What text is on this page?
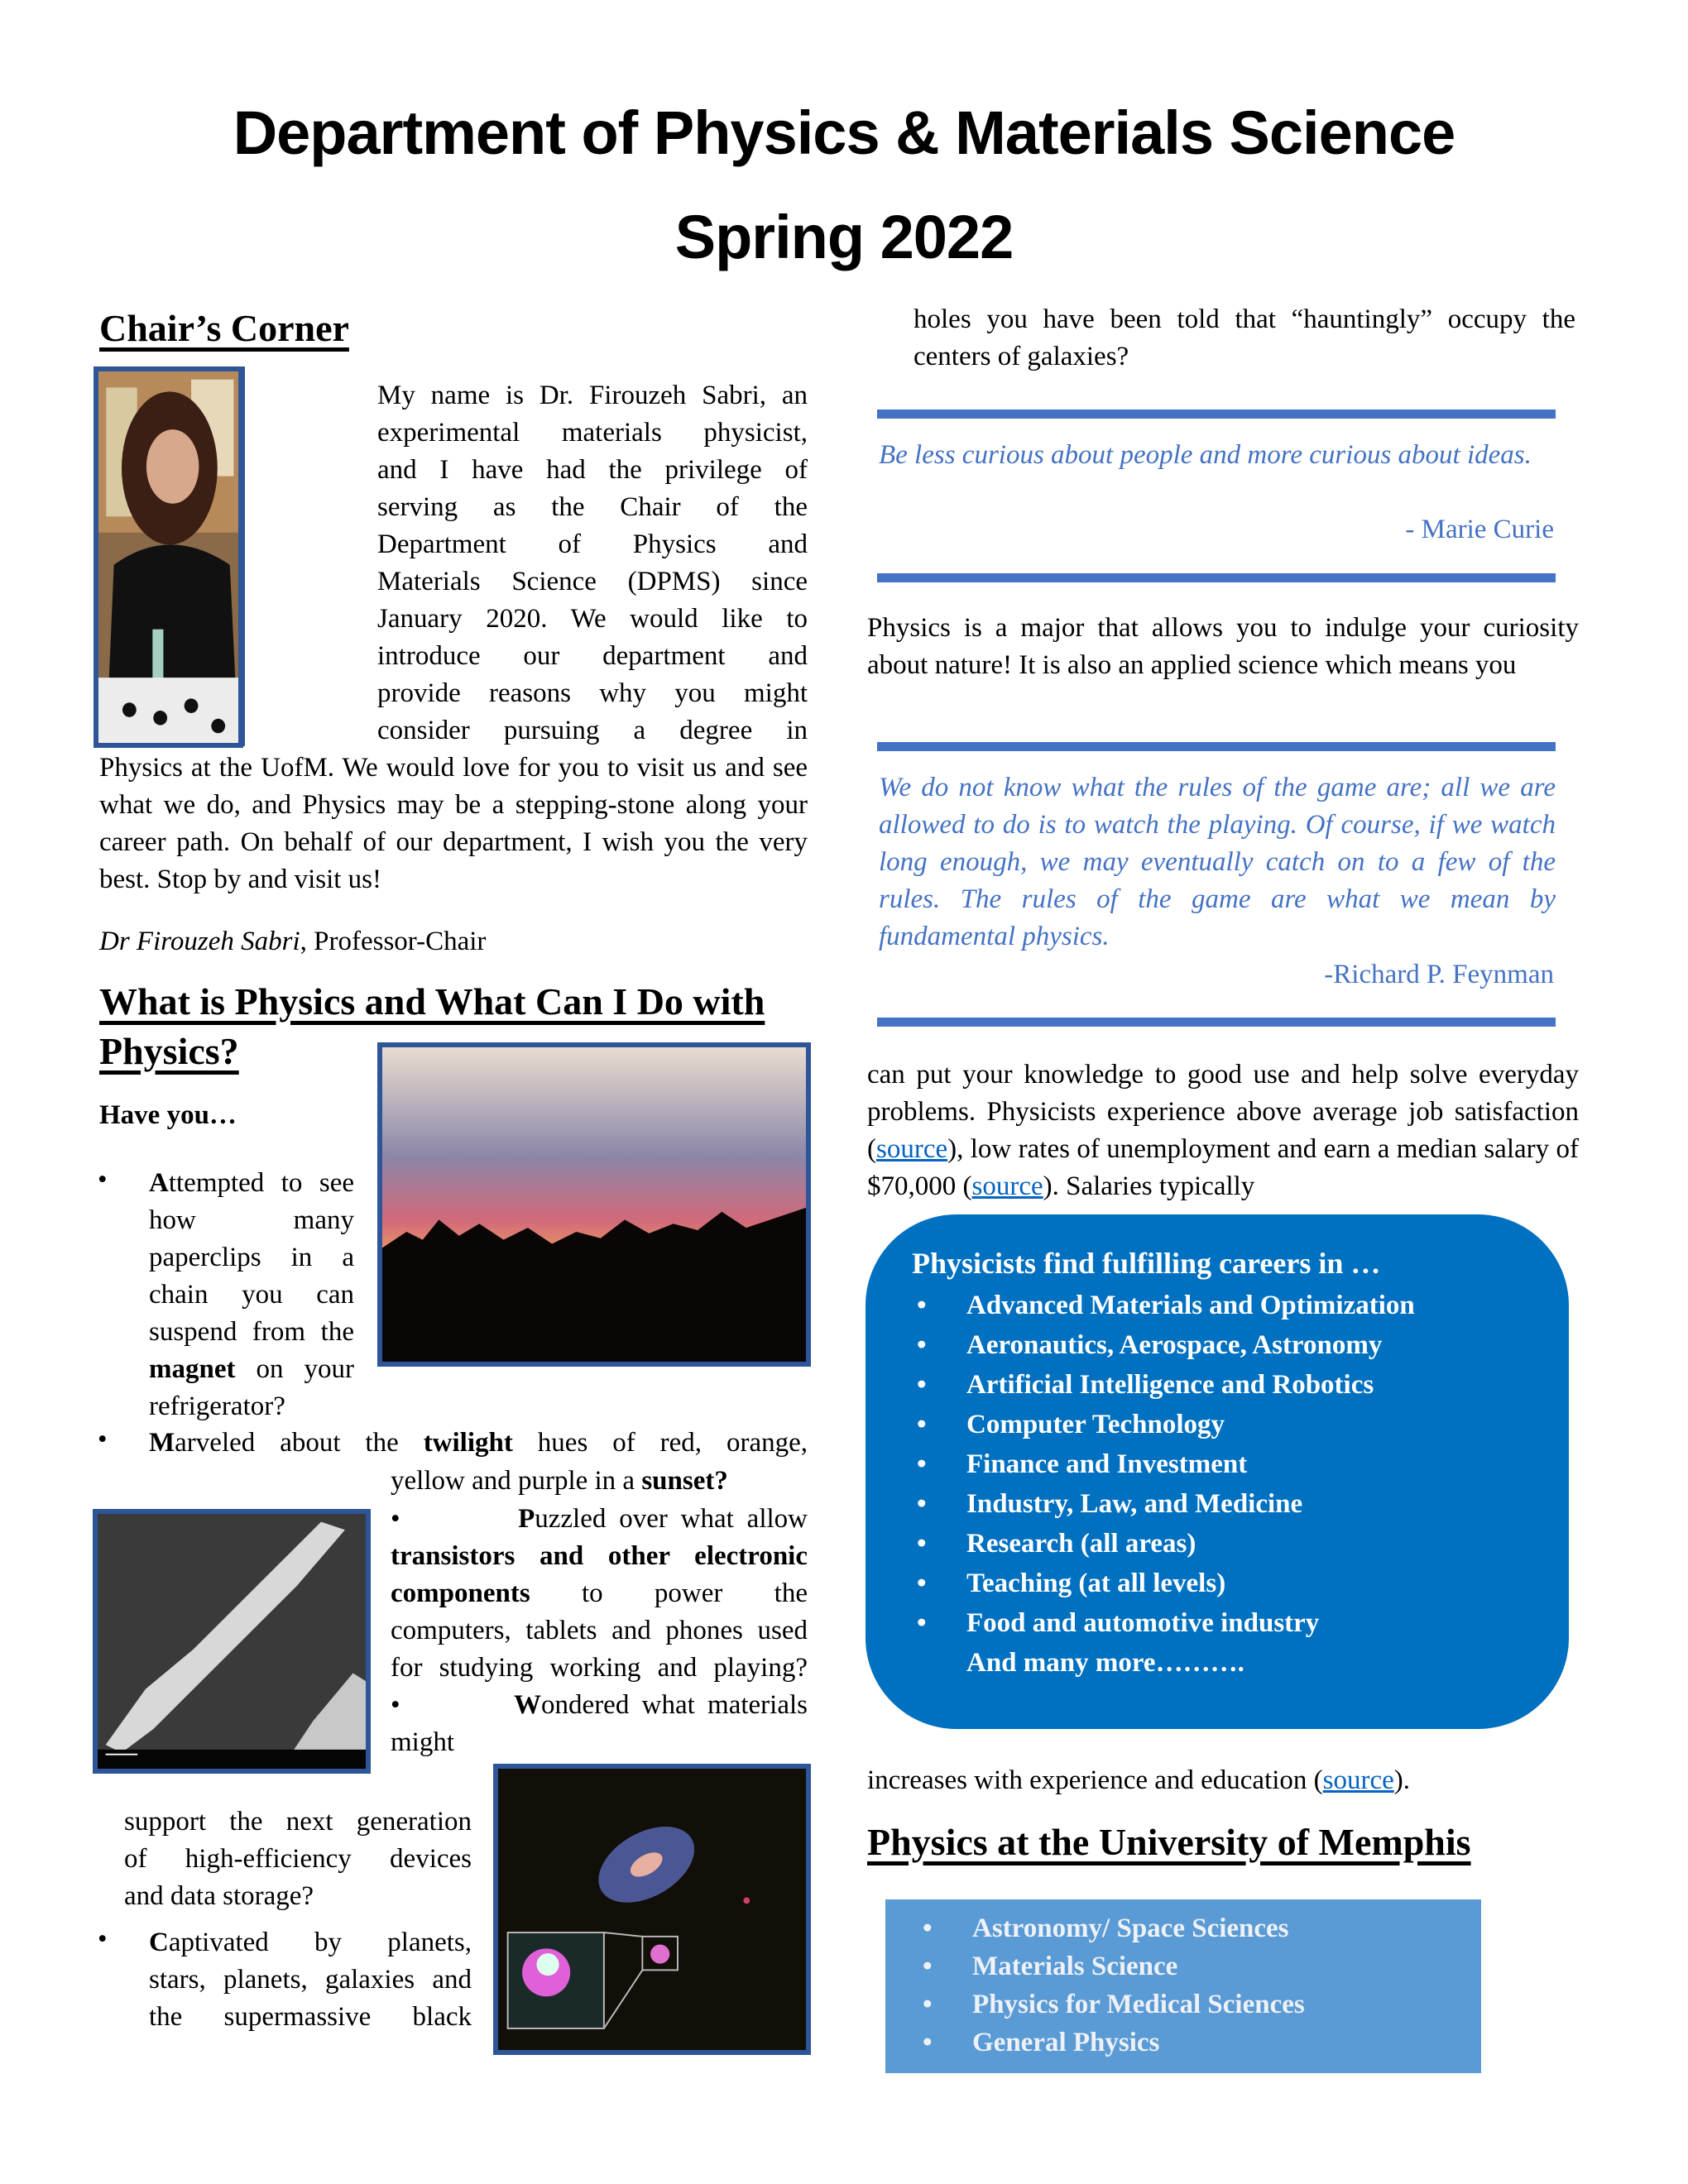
Department of Physics & Materials Science
Spring 2022
Chair’s Corner
My name is Dr. Firouzeh Sabri, an
experimental materials physicist,
and I have had the privilege of
serving as the Chair of the
Department of Physics and
Materials Science (DPMS) since
January 2020. We would like to
introduce our department and
provide reasons why you might
consider pursuing a degree in
Physics at the UofM. We would love for you to visit us and see what we do, and Physics may be a stepping-stone along your career path. On behalf of our department, I wish you the very best. Stop by and visit us!
Dr Firouzeh Sabri, Professor-Chair
What is Physics and What Can I Do with
Physics?
Have you…
• Attempted to see
how many
paperclips in a
chain you can
suspend from the
magnet on your
refrigerator?
• Marveled about the twilight hues of red, orange,
yellow and purple in a sunset?
•         Puzzled over what allow
transistors and other electronic
components to power the
computers, tablets and phones used
for studying working and playing?
•         Wondered what materials
might
support the next generation
of high-efficiency devices
and data storage?
• Captivated by planets,
stars, planets, galaxies and
the supermassive black
holes you have been told that “hauntingly” occupy the
centers of galaxies?
Be less curious about people and more curious about ideas.
- Marie Curie
Physics is a major that allows you to indulge your curiosity about nature! It is also an applied science which means you
We do not know what the rules of the game are; all we are allowed to do is to watch the playing. Of course, if we watch long enough, we may eventually catch on to a few of the rules. The rules of the game are what we mean by fundamental physics.
-Richard P. Feynman
can put your knowledge to good use and help solve everyday problems. Physicists experience above average job satisfaction (source), low rates of unemployment and earn a median salary of $70,000 (source). Salaries typically
Physicists find fulfilling careers in …
• Advanced Materials and Optimization
• Aeronautics, Aerospace, Astronomy
• Artificial Intelligence and Robotics
• Computer Technology
• Finance and Investment
• Industry, Law, and Medicine
• Research (all areas)
• Teaching (at all levels)
• Food and automotive industry
And many more……….
increases with experience and education (source).
Physics at the University of Memphis
• Astronomy/ Space Sciences
• Materials Science
• Physics for Medical Sciences
• General Physics
